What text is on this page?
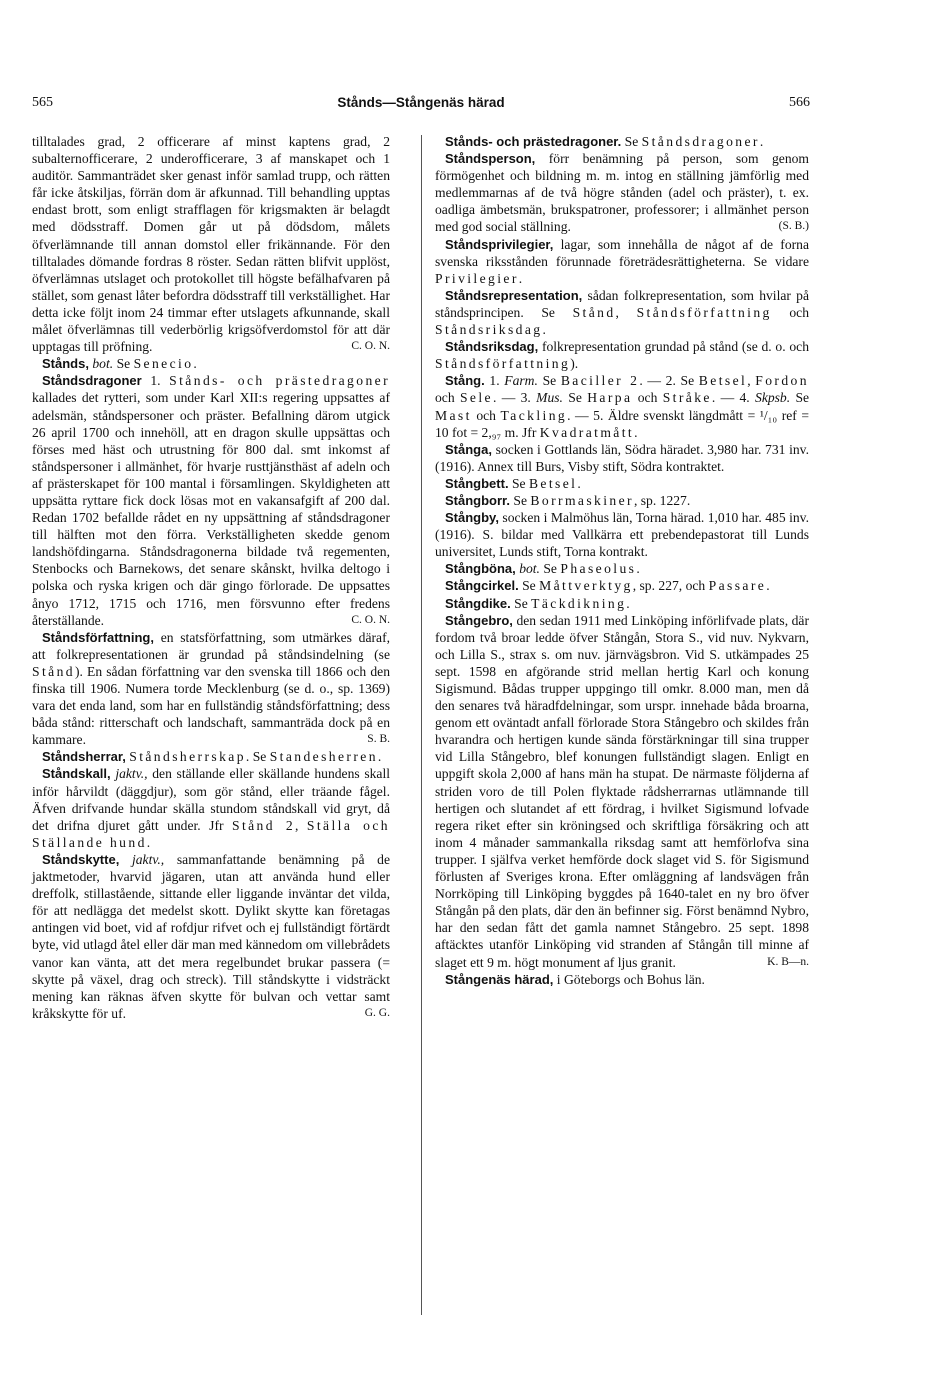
565	Stånds—Stångenäs härad	566

tilltalades grad, 2 officerare af minst kaptens grad, 2 subalternofficerare, 2 underofficerare, 3 af manskapet och 1 auditör. Sammanträdet sker genast inför samlad trupp, och rätten får icke åtskiljas, förrän dom är afkunnad. Till behandling upptas endast brott, som enligt strafflagen för krigsmakten är belagdt med dödsstraff. Domen går ut på dödsdom, målets öfverlämnande till annan domstol eller frikännande. För den tilltalades dömande fordras 8 röster. Sedan rätten blifvit upplöst, öfverlämnas utslaget och protokollet till högste befälhafvaren på stället, som genast låter befordra dödsstraff till verkställighet. Har detta icke följt inom 24 timmar efter utslagets afkunnande, skall målet öfverlämnas till vederbörlig krigsöfverdomstol för att där upptagas till pröfning.	C. O. N.

Stånds, bot. Se Senecio.

Ståndsdragoner 1. Stånds- och prästedragoner kallades det rytteri, som under Karl XII:s regering uppsattes af adelsmän, ståndspersoner och präster. Befallning därom utgick 26 april 1700 och innehöll, att en dragon skulle uppsättas och förses med häst och utrustning för 800 dal. smt inkomst af ståndspersoner i allmänhet, för hvarje rusttjänsthäst af adeln och af prästerskapet för 100 mantal i församlingen. Skyldigheten att uppsätta ryttare fick dock lösas mot en vakansafgift af 200 dal. Redan 1702 befallde rådet en ny uppsättning af ståndsdragoner till hälften mot den förra. Verkställigheten skedde genom landshöfdingarna. Ståndsdragonerna bildade två regementen, Stenbocks och Barnekows, det senare skånskt, hvilka deltogo i polska och ryska krigen och där gingo förlorade. De uppsattes ånyo 1712, 1715 och 1716, men försvunno efter fredens återställande.	C. O. N.

Ståndsförfattning, en statsförfattning, som utmärkes däraf, att folkrepresentationen är grundad på ståndsindelning (se Stånd). En sådan författning var den svenska till 1866 och den finska till 1906. Numera torde Mecklenburg (se d. o., sp. 1369) vara det enda land, som har en fullständig ståndsförfattning; dess båda stånd: ritterschaft och landschaft, sammanträda dock på en kammare.	S. B.

Ståndsherrar, Ståndsherrskap. Se Standesherren.

Ståndskall, jaktv., den ställande eller skällande hundens skall inför hårvildt (däggdjur), som gör stånd, eller träande fågel. Äfven drifvande hundar skälla stundom ståndskall vid gryt, då det drifna djuret gått under. Jfr Stånd 2, Ställa och Ställande hund.

Ståndskytte, jaktv., sammanfattande benämning på de jaktmetoder, hvarvid jägaren, utan att använda hund eller dreffolk, stillastående, sittande eller liggande inväntar det vilda, för att nedlägga det medelst skott. Dylikt skytte kan företagas antingen vid boet, vid af rofdjur rifvet och ej fullständigt förtärdt byte, vid utlagd åtel eller där man med kännedom om villebrådets vanor kan vänta, att det mera regelbundet brukar passera (= skytte på växel, drag och streck). Till ståndskytte i vidsträckt mening kan räknas äfven skytte för bulvan och vettar samt kråkskytte för uf.	G. G.

Stånds- och prästedragoner. Se Ståndsdragoner.

Ståndsperson, förr benämning på person, som genom förmögenhet och bildning m. m. intog en ställning jämförlig med medlemmarnas af de två högre stånden (adel och präster), t. ex. oadliga ämbetsmän, brukspatroner, professorer; i allmänhet person med god social ställning.	(S. B.)

Ståndsprivilegier, lagar, som innehålla de något af de forna svenska riksstånden förunnade företrädesrättigheterna. Se vidare Privilegier.

Ståndsrepresentation, sådan folkrepresentation, som hvilar på ståndsprincipen. Se Stånd, Ståndsförfattning och Ståndsriksdag.

Ståndsriksdag, folkrepresentation grundad på stånd (se d. o. och Ståndsförfattning).

Stång. 1. Farm. Se Baciller 2. — 2. Se Betsel, Fordon och Sele. — 3. Mus. Se Harpa och Stråke. — 4. Skpsb. Se Mast och Tackling. — 5. Äldre svenskt längdmått = ¹/₁₀ ref = 10 fot = 2,₉₇ m. Jfr Kvadratmått.

Stånga, socken i Gottlands län, Södra häradet. 3,980 har. 731 inv. (1916). Annex till Burs, Visby stift, Södra kontraktet.

Stångbett. Se Betsel.

Stångborr. Se Borrmaskiner, sp. 1227.

Stångby, socken i Malmöhus län, Torna härad. 1,010 har. 485 inv. (1916). S. bildar med Vallkärra ett prebendepastorat till Lunds universitet, Lunds stift, Torna kontrakt.

Stångböna, bot. Se Phaseolus.

Stångcirkel. Se Måttverktyg, sp. 227, och Passare.

Stångdike. Se Täckdikning.

Stångebro, den sedan 1911 med Linköping införlifvade plats, där fordom två broar ledde öfver Stångån, Stora S., vid nuv. Nykvarn, och Lilla S., strax s. om nuv. järnvägsbron. Vid S. utkämpades 25 sept. 1598 en afgörande strid mellan hertig Karl och konung Sigismund. Bådas trupper uppgingo till omkr. 8.000 man, men då den senares två häradfdelningar, som urspr. innehade båda broarna, genom ett oväntadt anfall förlorade Stora Stångebro och skildes från hvarandra och hertigen kunde sända förstärkningar till sina trupper vid Lilla Stångebro, blef konungen fullständigt slagen. Enligt en uppgift skola 2,000 af hans män ha stupat. De närmaste följderna af striden voro de till Polen flyktade rådsherrarnas utlämnande till hertigen och slutandet af ett fördrag, i hvilket Sigismund lofvade regera riket efter sin kröningsed och skriftliga försäkring och att inom 4 månader sammankalla riksdag samt att hemförlofva sina trupper. I själfva verket hemförde dock slaget vid S. för Sigismund förlusten af Sveriges krona. Efter omläggning af landsvägen från Norrköping till Linköping byggdes på 1640-talet en ny bro öfver Stångån på den plats, där den än befinner sig. Först benämnd Nybro, har den sedan fått det gamla namnet Stångebro. 25 sept. 1898 aftäcktes utanför Linköping vid stranden af Stångån till minne af slaget ett 9 m. högt monument af ljus granit.	K. B—n.

Stångenäs härad, i Göteborgs och Bohus län.
